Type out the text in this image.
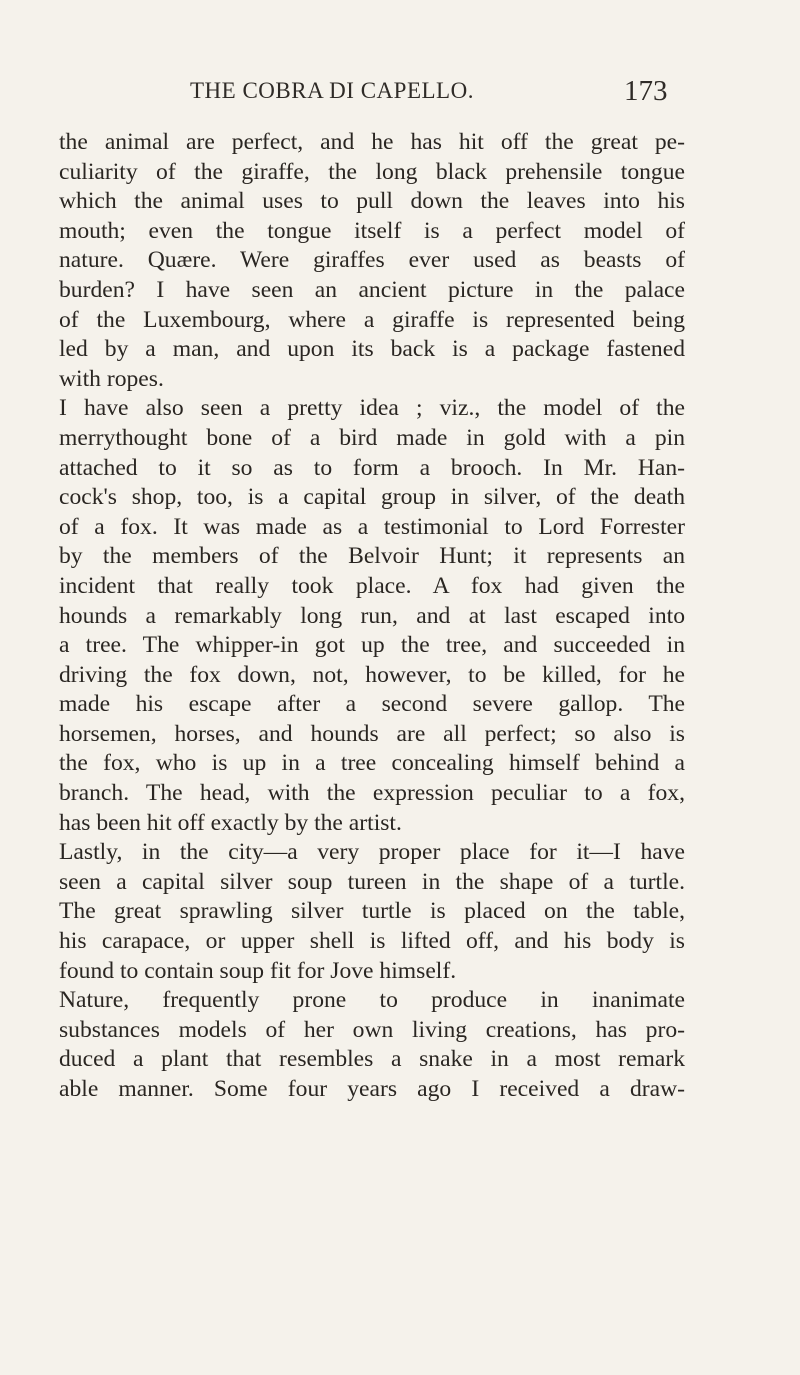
THE COBRA DI CAPELLO.	173
the animal are perfect, and he has hit off the great pe-
culiarity of the giraffe, the long black prehensile tongue
which the animal uses to pull down the leaves into his
mouth; even the tongue itself is a perfect model of
nature. Quære. Were giraffes ever used as beasts of
burden? I have seen an ancient picture in the palace
of the Luxembourg, where a giraffe is represented being
led by a man, and upon its back is a package fastened
with ropes.
I have also seen a pretty idea ; viz., the model of the
merrythought bone of a bird made in gold with a pin
attached to it so as to form a brooch. In Mr. Han-
cock's shop, too, is a capital group in silver, of the death
of a fox. It was made as a testimonial to Lord Forrester
by the members of the Belvoir Hunt; it represents an
incident that really took place. A fox had given the
hounds a remarkably long run, and at last escaped into
a tree. The whipper-in got up the tree, and succeeded in
driving the fox down, not, however, to be killed, for he
made his escape after a second severe gallop. The
horsemen, horses, and hounds are all perfect; so also is
the fox, who is up in a tree concealing himself behind a
branch. The head, with the expression peculiar to a fox,
has been hit off exactly by the artist.
Lastly, in the city—a very proper place for it—I have
seen a capital silver soup tureen in the shape of a turtle.
The great sprawling silver turtle is placed on the table,
his carapace, or upper shell is lifted off, and his body is
found to contain soup fit for Jove himself.
Nature, frequently prone to produce in inanimate
substances models of her own living creations, has pro-
duced a plant that resembles a snake in a most remark
able manner. Some four years ago I received a draw-
